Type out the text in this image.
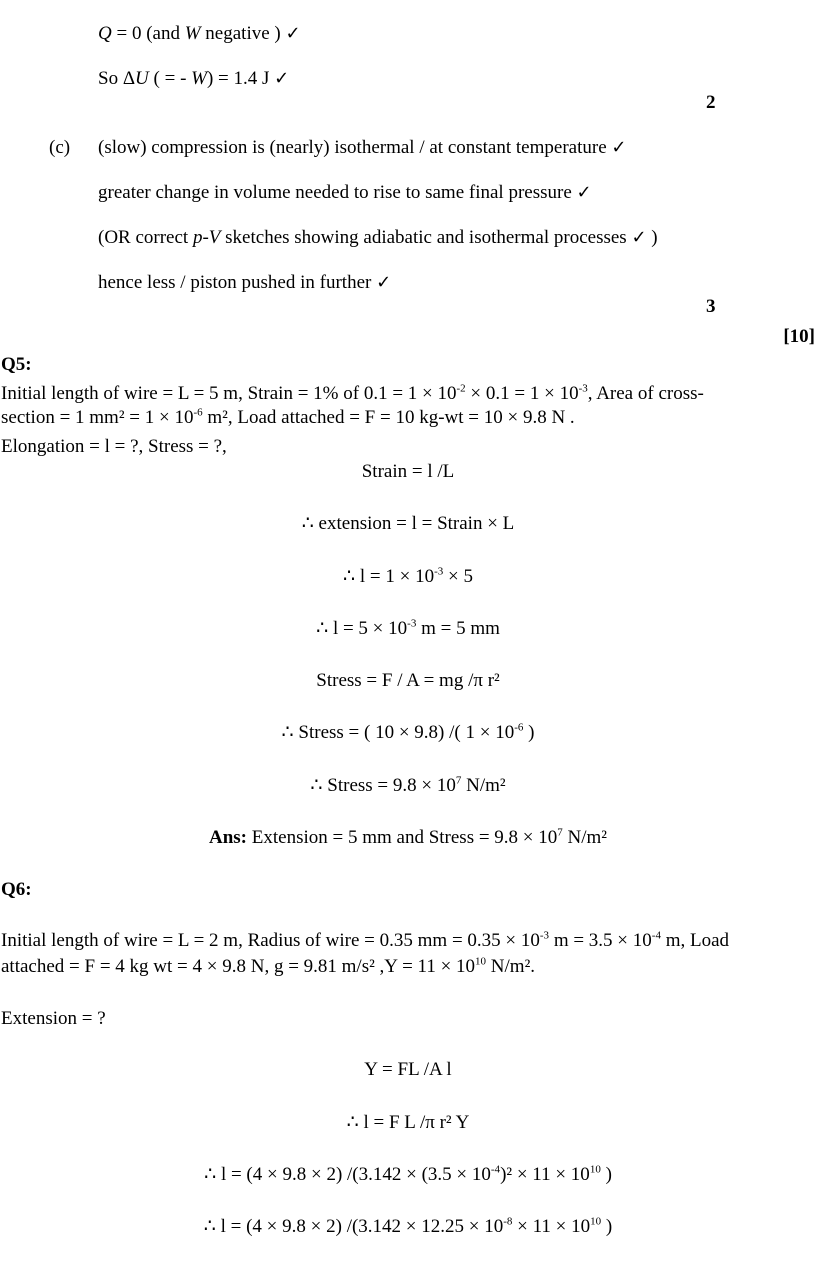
Q = 0 (and W negative ) ✓
So ΔU ( = - W) = 1.4 J ✓
2
(c) (slow) compression is (nearly) isothermal / at constant temperature ✓
greater change in volume needed to rise to same final pressure ✓
(OR correct p-V sketches showing adiabatic and isothermal processes ✓ )
hence less / piston pushed in further ✓
3
[10]
Q5:
Initial length of wire = L = 5 m, Strain = 1% of $0.1 = 1 \times 10^{-2} \times 0.1 = 1 \times 10^{-3}$, Area of cross-
section = 1 $mm^2 = 1 \times 10^{-6}$ m², Load attached = F = 10 kg-wt = 10 × 9.8 N .
Elongation = l = ?, Stress = ?,
Strain = l /L
∴ extension = l = Strain × L
∴ $l = 1 \times 10^{-3} \times 5$
∴ $l = 5 \times 10^{-3}$ m = 5 mm
Stress = F / A = mg /π r²
∴ Stress = ( 10 × 9.8) /( $1 \times 10^{-6}$ )
∴ Stress = $9.8 \times 10^7$ N/m²
Ans: Extension = 5 mm and Stress = $9.8 \times 10^7$ N/m²
Q6:
Initial length of wire = L = 2 m, Radius of wire = 0.35 mm = $0.35 \times 10^{-3}$ $m = 3.5 \times 10^{-4}$ m, Load
attached = F = 4 kg wt = 4 × 9.8 N, g = 9.81 m/s² $,Y = 11 \times 10^{10}$ N/m².
Extension = ?
Y = FL /A l
∴ l = F L /π r² Y
∴ l = (4 × 9.8 × 2) $/(3.142 \times (3.5 \times 10^{-4})^2 \times 11 \times 10^{10}$ )
∴ l = (4 × 9.8 × 2) $/(3.142 \times 12.25 \times 10^{-8} \times 11 \times 10^{10}$ )
